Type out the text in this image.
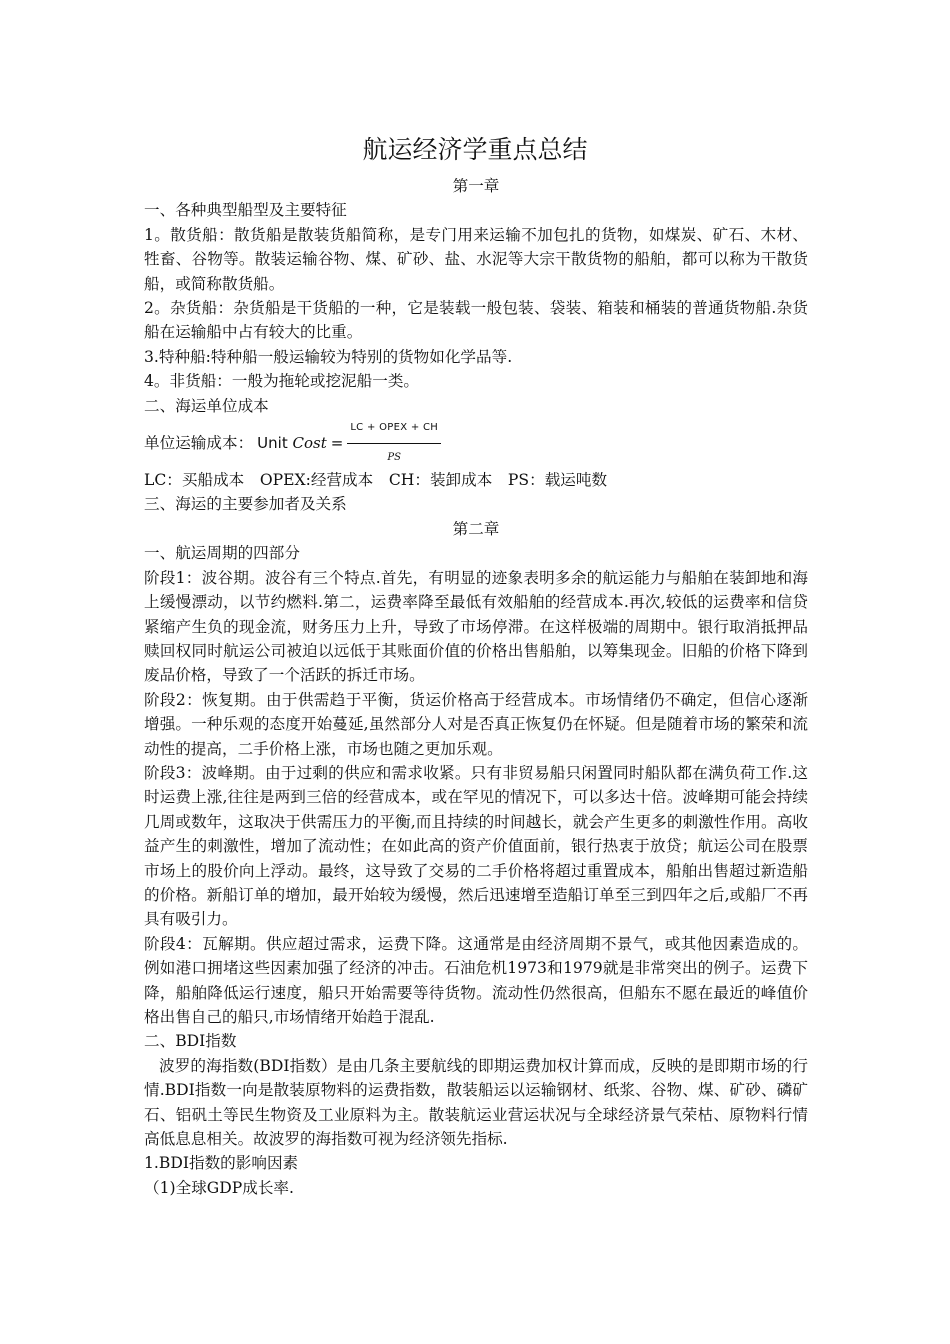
航运经济学重点总结

第一章

一、各种典型船型及主要特征

1。散货船：散货船是散装货船简称，是专门用来运输不加包扎的货物，如煤炭、矿石、木材、牲畜、谷物等。散装运输谷物、煤、矿砂、盐、水泥等大宗干散货物的船舶，都可以称为干散货船，或简称散货船。

2。杂货船：杂货船是干货船的一种，它是装载一般包装、袋装、箱装和桶装的普通货物船.杂货船在运输船中占有较大的比重。

3.特种船:特种船一般运输较为特别的货物如化学品等.

4。非货船：一般为拖轮或挖泥船一类。

二、海运单位成本

单位运输成本： Unit Cost = $\frac{\text{LC + OPEX + CH}}{PS}$

LC：买船成本　OPEX:经营成本　CH：装卸成本　PS：载运吨数

三、海运的主要参加者及关系

第二章

一、航运周期的四部分

阶段1：波谷期。波谷有三个特点.首先，有明显的迹象表明多余的航运能力与船舶在装卸地和海上缓慢漂动，以节约燃料.第二，运费率降至最低有效船舶的经营成本.再次,较低的运费率和信贷紧缩产生负的现金流，财务压力上升，导致了市场停滞。在这样极端的周期中。银行取消抵押品赎回权同时航运公司被迫以远低于其账面价值的价格出售船舶，以筹集现金。旧船的价格下降到废品价格，导致了一个活跃的拆迁市场。

阶段2：恢复期。由于供需趋于平衡，货运价格高于经营成本。市场情绪仍不确定，但信心逐渐增强。一种乐观的态度开始蔓延,虽然部分人对是否真正恢复仍在怀疑。但是随着市场的繁荣和流动性的提高，二手价格上涨，市场也随之更加乐观。

阶段3：波峰期。由于过剩的供应和需求收紧。只有非贸易船只闲置同时船队都在满负荷工作.这时运费上涨,往往是两到三倍的经营成本，或在罕见的情况下，可以多达十倍。波峰期可能会持续几周或数年，这取决于供需压力的平衡,而且持续的时间越长，就会产生更多的刺激性作用。高收益产生的刺激性，增加了流动性；在如此高的资产价值面前，银行热衷于放贷；航运公司在股票市场上的股价向上浮动。最终，这导致了交易的二手价格将超过重置成本，船舶出售超过新造船的价格。新船订单的增加，最开始较为缓慢，然后迅速增至造船订单至三到四年之后,或船厂不再具有吸引力。

阶段4：瓦解期。供应超过需求，运费下降。这通常是由经济周期不景气，或其他因素造成的。例如港口拥堵这些因素加强了经济的冲击。石油危机1973和1979就是非常突出的例子。运费下降，船舶降低运行速度，船只开始需要等待货物。流动性仍然很高，但船东不愿在最近的峰值价格出售自己的船只,市场情绪开始趋于混乱.

二、BDI指数

波罗的海指数(BDI指数）是由几条主要航线的即期运费加权计算而成，反映的是即期市场的行情.BDI指数一向是散装原物料的运费指数，散装船运以运输钢材、纸浆、谷物、煤、矿砂、磷矿石、铝矾土等民生物资及工业原料为主。散装航运业营运状况与全球经济景气荣枯、原物料行情高低息息相关。故波罗的海指数可视为经济领先指标.

1.BDI指数的影响因素

（1)全球GDP成长率.
